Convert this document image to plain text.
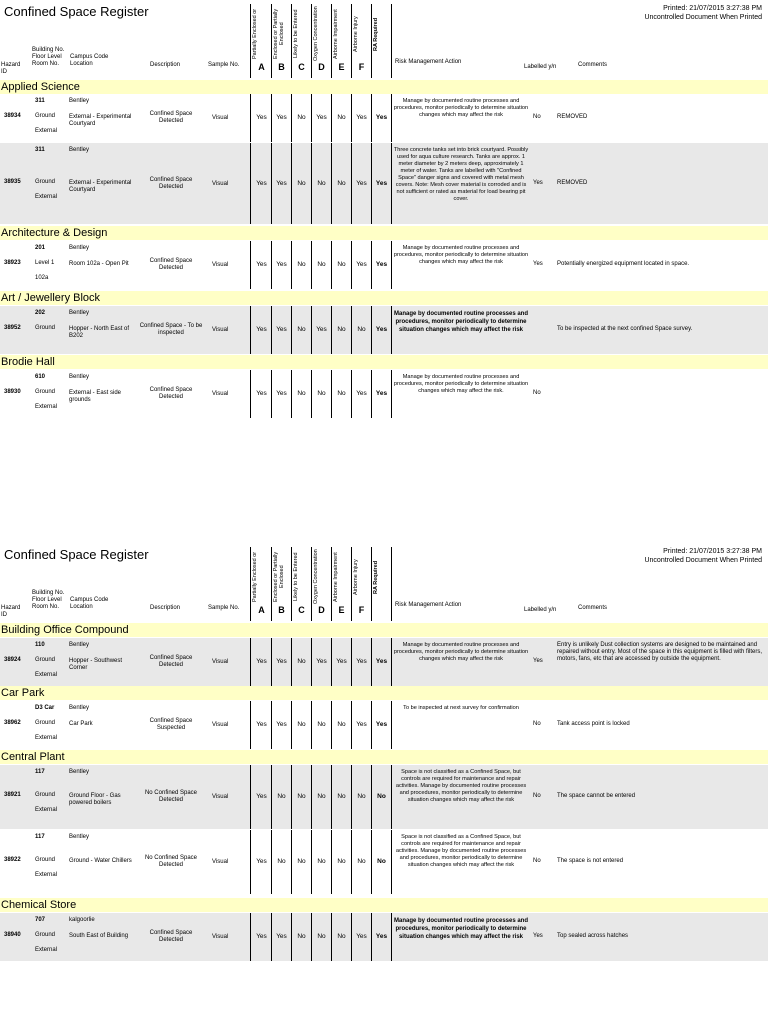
Confined Space Register	Printed: 21/07/2015 3:27:38 PM
Uncontrolled Document When Printed
Hazard ID
Building No. Floor Level Room No.
Campus Code Location	Description	Sample No.
Partially Enclosed or	Enclosed or Partially Enclosed	Likely to be Entered	Oxygen Concentration	Airborne Impairment	Airborne Injury	RA Required
A	B	C	D	E	F	Risk Management Action
Labelled y/n	Comments
Applied Science
38934
311
Ground
External
Bentley
External - Experimental Courtyard
Confined Space Detected	Visual	Yes	Yes	No	Yes	No	Yes	Yes
Manage by documented routine processes and procedures, monitor periodically to determine situation changes which may affect the risk	No	REMOVED
38935
311
Ground
External
Bentley
External - Experimental Courtyard
Confined Space Detected	Visual	Yes	Yes	No	No	No	Yes	Yes
Three concrete tanks set into brick courtyard. Possibly used for aqua culture research. Tanks are approx. 1 meter diameter by 2 meters deep, approximately 1 meter of water. Tanks are labelled with "Confined Space" danger signs and covered with metal mesh covers. Note: Mesh cover material is corroded and is not sufficient or rated as material for load bearing pit cover.
Yes REMOVED
Architecture & Design
38923
201
Level 1
102a
Bentley
Room 102a - Open Pit	Confined Space Detected	Visual	Yes	Yes	No	No	No	Yes	Yes
Manage by documented routine processes and procedures, monitor periodically to determine situation changes which may affect the risk	Yes Potentially energized equipment located in space.
Art / Jewellery Block
38952
202
Ground
Bentley
Hopper - North East of B202
Confined Space - To be inspected	Visual	Yes	Yes	No	Yes	No	No	Yes
Manage by documented routine processes and procedures, monitor periodically to determine situation changes which may affect the risk	To be inspected at the next confined Space survey.
Brodie Hall
38930
610
Ground
External
Bentley
External - East side grounds
Confined Space Detected	Visual	Yes	Yes	No	No	No	Yes	Yes
Manage by documented routine processes and procedures, monitor periodically to determine situation changes which may affect the risk.	No
Confined Space Register	Printed: 21/07/2015 3:27:38 PM
Uncontrolled Document When Printed
Hazard ID
Building No. Floor Level Room No.
Campus Code Location	Description	Sample No.
Partially Enclosed or	Enclosed or Partially Enclosed	Likely to be Entered	Oxygen Concentration	Airborne Impairment	Airborne Injury	RA Required
A	B	C	D	E	F	Risk Management Action
Labelled y/n	Comments
Building Office Compound
38924
110
Ground
External
Bentley
Hopper - Southwest Corner
Confined Space Detected	Visual	Yes	Yes	No	Yes	Yes	Yes	Yes
Manage by documented routine processes and procedures, monitor periodically to determine situation changes which may affect the risk	Yes
Entry is unlikely Dust collection systems are designed to be maintained and repaired without entry. Most of the space in this equipment is filled with filters, motors, fans, etc that are accessed by outside the equipment.
Car Park
38962
D3 Car
Ground
External
Bentley
Car Park	Confined Space Suspected	Visual	Yes	Yes	No	No	No	Yes	Yes
To be inspected at next survey for confirmation
No	Tank access point is locked
Central Plant
38921
117
Ground
External
Bentley
Ground Floor - Gas powered boilers
No Confined Space Detected	Visual	Yes	No	No	No	No	No	No
Space is not classified as a Confined Space, but controls are required for maintenance and repair activities. Manage by documented routine processes and procedures, monitor periodically to determine situation changes which may affect the risk
No	The space cannot be entered
38922
117
Ground
External
Bentley
Ground - Water Chillers	No Confined Space Detected	Visual	Yes	No	No	No	No	No	No
Space is not classified as a Confined Space, but controls are required for maintenance and repair activities. Manage by documented routine processes and procedures, monitor periodically to determine situation changes which may affect the risk
No	The space is not entered
Chemical Store
38940
707
Ground
External
kalgoorlie
South East of Building	Confined Space Detected	Visual	Yes	Yes	No	No	No	Yes	Yes
Manage by documented routine processes and procedures, monitor periodically to determine situation changes which may affect the risk	Yes Top sealed across hatches
